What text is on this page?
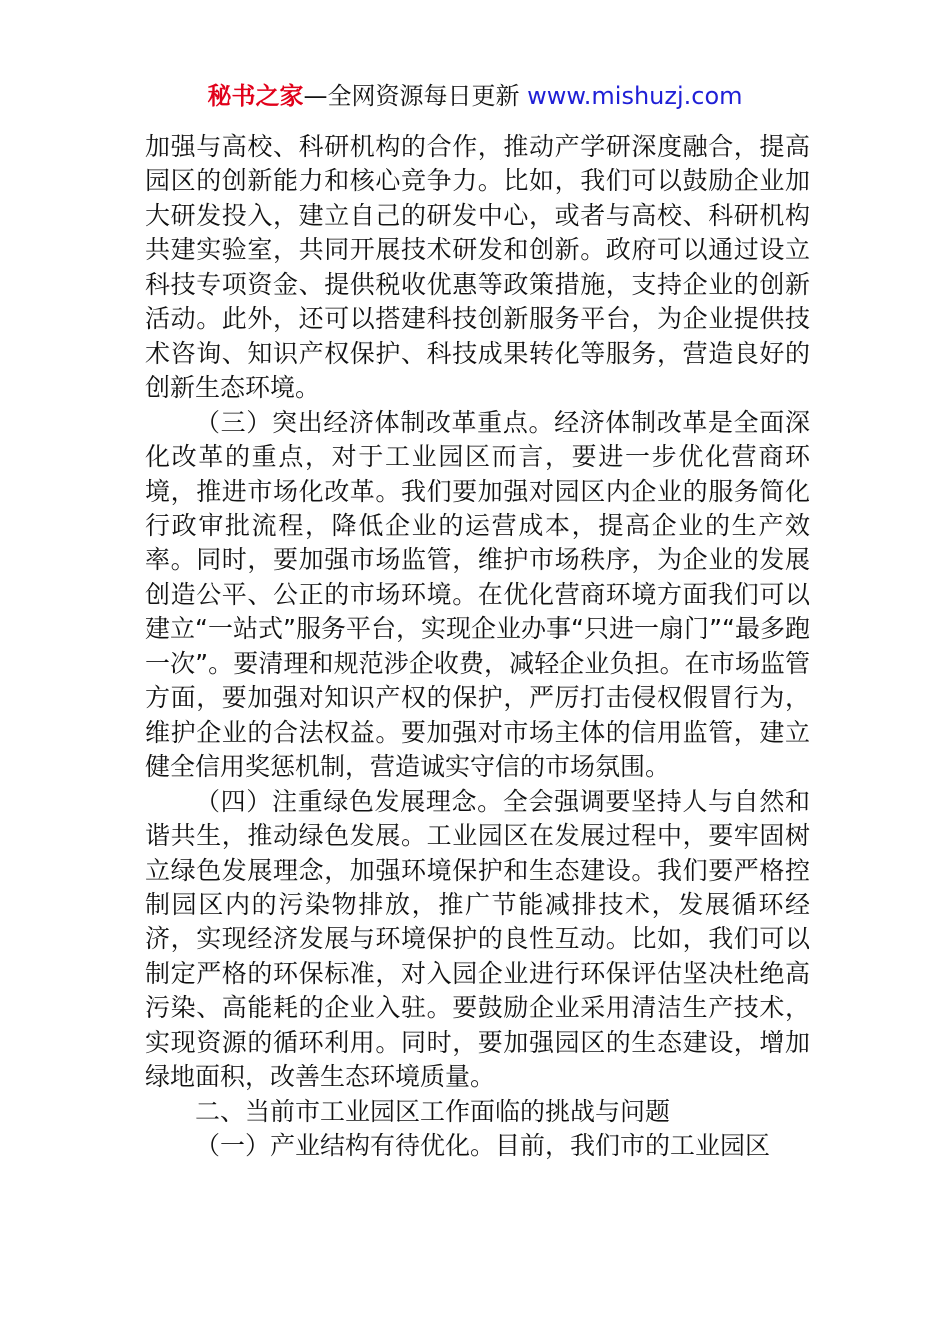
秘书之家—全网资源每日更新 www.mishuzj.com

加强与高校、科研机构的合作，推动产学研深度融合，提高园区的创新能力和核心竞争力。比如，我们可以鼓励企业加大研发投入，建立自己的研发中心，或者与高校、科研机构共建实验室，共同开展技术研发和创新。政府可以通过设立科技专项资金、提供税收优惠等政策措施，支持企业的创新活动。此外，还可以搭建科技创新服务平台，为企业提供技术咨询、知识产权保护、科技成果转化等服务，营造良好的创新生态环境。

（三）突出经济体制改革重点。经济体制改革是全面深化改革的重点，对于工业园区而言，要进一步优化营商环境，推进市场化改革。我们要加强对园区内企业的服务简化行政审批流程，降低企业的运营成本，提高企业的生产效率。同时，要加强市场监管，维护市场秩序，为企业的发展创造公平、公正的市场环境。在优化营商环境方面我们可以建立“一站式”服务平台，实现企业办事“只进一扇门”“最多跑一次”。要清理和规范涉企收费，减轻企业负担。在市场监管方面，要加强对知识产权的保护，严厉打击侵权假冒行为，维护企业的合法权益。要加强对市场主体的信用监管，建立健全信用奖惩机制，营造诚实守信的市场氛围。

（四）注重绿色发展理念。全会强调要坚持人与自然和谐共生，推动绿色发展。工业园区在发展过程中，要牢固树立绿色发展理念，加强环境保护和生态建设。我们要严格控制园区内的污染物排放，推广节能减排技术，发展循环经济，实现经济发展与环境保护的良性互动。比如，我们可以制定严格的环保标准，对入园企业进行环保评估坚决杜绝高污染、高能耗的企业入驻。要鼓励企业采用清洁生产技术，实现资源的循环利用。同时，要加强园区的生态建设，增加绿地面积，改善生态环境质量。

二、当前市工业园区工作面临的挑战与问题

（一）产业结构有待优化。目前，我们市的工业园区
